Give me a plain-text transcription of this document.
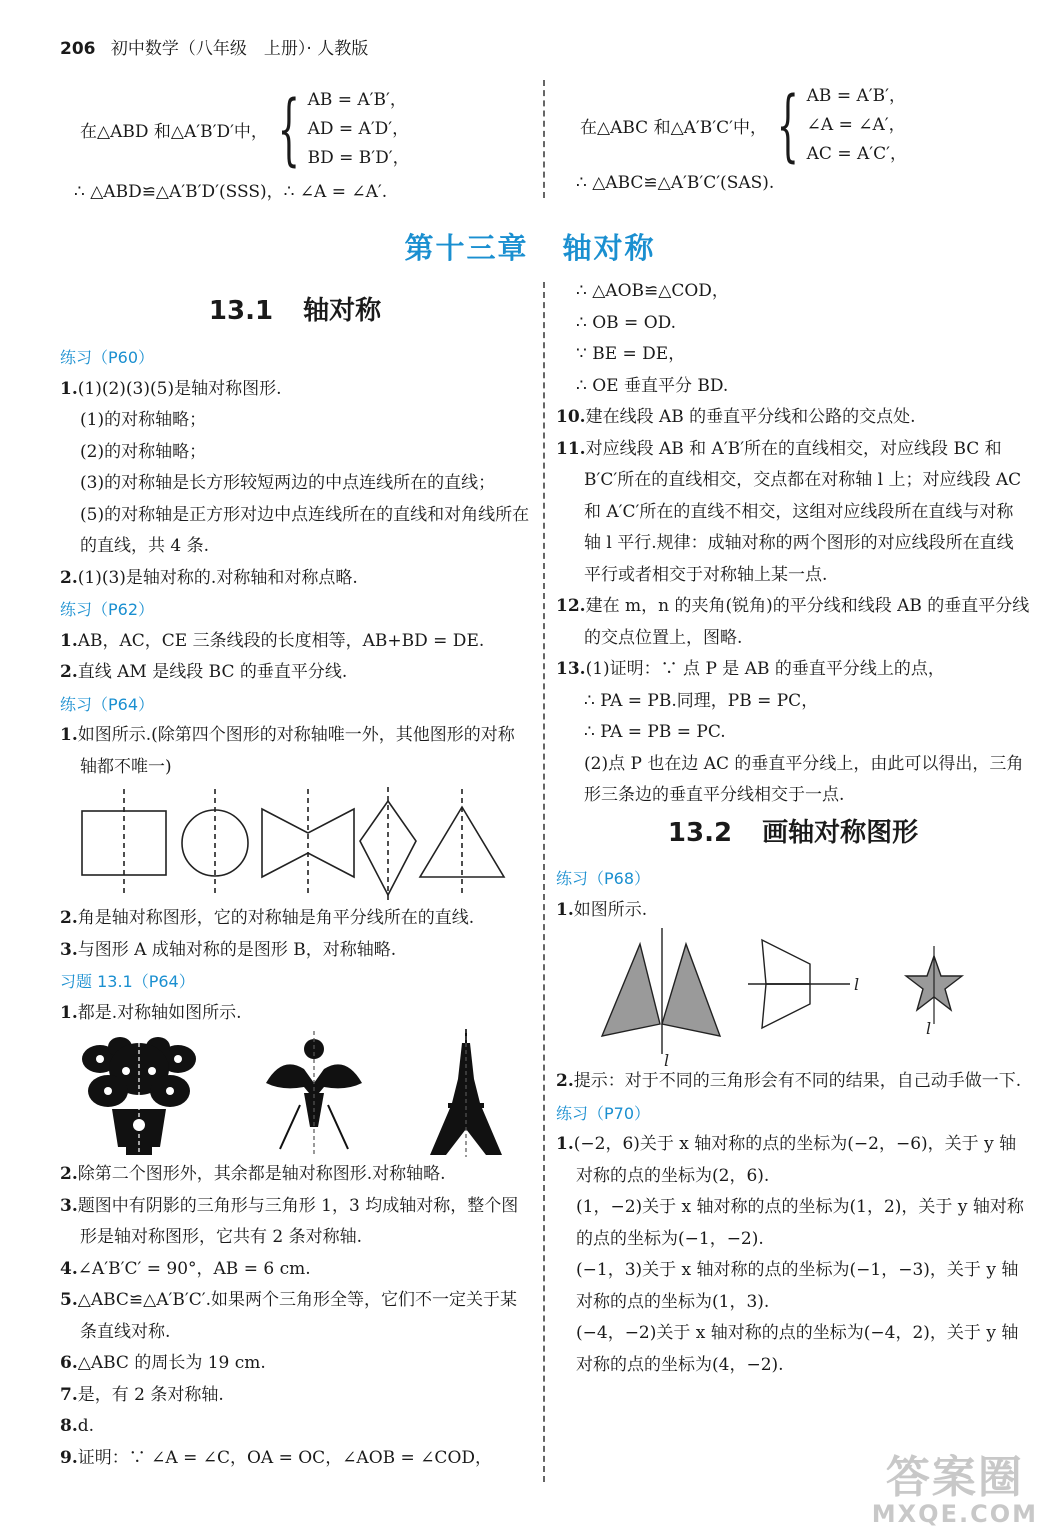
206 初中数学（八年级　上册）· 人教版
在△ABD 和△A′B′D′中， { AB = A′B′，
AD = A′D′，
BD = B′D′，
∴ △ABD≌△A′B′D′(SSS)，∴ ∠A = ∠A′.
在△ABC 和△A′B′C′中， { AB = A′B′，
∠A = ∠A′，
AC = A′C′，
∴ △ABC≌△A′B′C′(SAS).
第十三章 轴对称
13.1 轴对称
练习（P60）
1.(1)(2)(3)(5)是轴对称图形.
(1)的对称轴略；
(2)的对称轴略；
(3)的对称轴是长方形较短两边的中点连线所在的直线；
(5)的对称轴是正方形对边中点连线所在的直线和对角线所在的直线，共 4 条.
2.(1)(3)是轴对称的.对称轴和对称点略.
练习（P62）
1.AB，AC，CE 三条线段的长度相等，AB+BD = DE.
2.直线 AM 是线段 BC 的垂直平分线.
练习（P64）
1.如图所示.(除第四个图形的对称轴唯一外，其他图形的对称轴都不唯一)
2.角是轴对称图形，它的对称轴是角平分线所在的直线.
3.与图形 A 成轴对称的是图形 B，对称轴略.
习题 13.1（P64）
1.都是.对称轴如图所示.
2.除第二个图形外，其余都是轴对称图形.对称轴略.
3.题图中有阴影的三角形与三角形 1，3 均成轴对称，整个图形是轴对称图形，它共有 2 条对称轴.
4.∠A′B′C′ = 90°，AB = 6 cm.
5.△ABC≌△A′B′C′.如果两个三角形全等，它们不一定关于某条直线对称.
6.△ABC 的周长为 19 cm.
7.是，有 2 条对称轴.
8.d.
9.证明：∵ ∠A = ∠C，OA = OC，∠AOB = ∠COD，
∴ △AOB≌△COD，
∴ OB = OD.
∵ BE = DE，
∴ OE 垂直平分 BD.
10.建在线段 AB 的垂直平分线和公路的交点处.
11.对应线段 AB 和 A′B′所在的直线相交，对应线段 BC 和 B′C′所在的直线相交，交点都在对称轴 l 上；对应线段 AC 和 A′C′所在的直线不相交，这组对应线段所在直线与对称轴 l 平行.规律：成轴对称的两个图形的对应线段所在直线平行或者相交于对称轴上某一点.
12.建在 m，n 的夹角(锐角)的平分线和线段 AB 的垂直平分线的交点位置上，图略.
13.(1)证明：∵ 点 P 是 AB 的垂直平分线上的点，
∴ PA = PB.同理，PB = PC，
∴ PA = PB = PC.
(2)点 P 也在边 AC 的垂直平分线上，由此可以得出，三角形三条边的垂直平分线相交于一点.
13.2 画轴对称图形
练习（P68）
1.如图所示.
l
l
l
2.提示：对于不同的三角形会有不同的结果，自己动手做一下.
练习（P70）
1.(−2，6)关于 x 轴对称的点的坐标为(−2，−6)，关于 y 轴对称的点的坐标为(2，6).
(1，−2)关于 x 轴对称的点的坐标为(1，2)，关于 y 轴对称的点的坐标为(−1，−2).
(−1，3)关于 x 轴对称的点的坐标为(−1，−3)，关于 y 轴对称的点的坐标为(1，3).
(−4，−2)关于 x 轴对称的点的坐标为(−4，2)，关于 y 轴对称的点的坐标为(4，−2).
答案圈
MXQE.COM
